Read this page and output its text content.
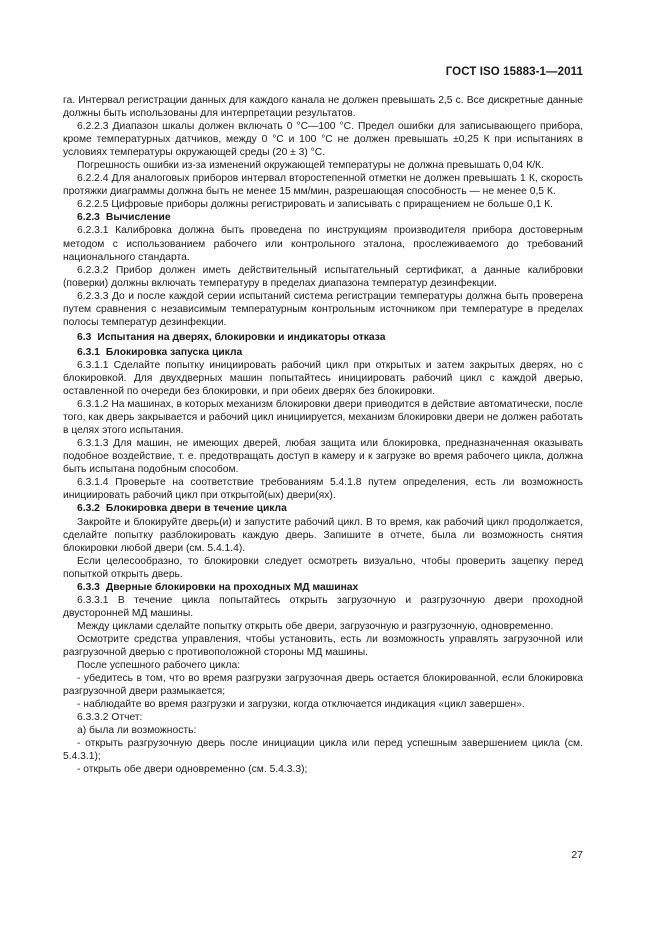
ГОСТ ISO 15883-1—2011

га. Интервал регистрации данных для каждого канала не должен превышать 2,5 с. Все дискретные данные должны быть использованы для интерпретации результатов.

6.2.2.3 Диапазон шкалы должен включать 0 °С—100 °С. Предел ошибки для записывающего прибора, кроме температурных датчиков, между 0 °С и 100 °С не должен превышать ±0,25 К при испытаниях в условиях температуры окружающей среды (20 ± 3) °С.

Погрешность ошибки из-за изменений окружающей температуры не должна превышать 0,04 К/К.

6.2.2.4 Для аналоговых приборов интервал второстепенной отметки не должен превышать 1 К, скорость протяжки диаграммы должна быть не менее 15 мм/мин, разрешающая способность — не менее 0,5 К.

6.2.2.5 Цифровые приборы должны регистрировать и записывать с приращением не больше 0,1 К.

6.2.3 Вычисление

6.2.3.1 Калибровка должна быть проведена по инструкциям производителя прибора достоверным методом с использованием рабочего или контрольного эталона, прослеживаемого до требований национального стандарта.

6.2.3.2 Прибор должен иметь действительный испытательный сертификат, а данные калибровки (поверки) должны включать температуру в пределах диапазона температур дезинфекции.

6.2.3.3 До и после каждой серии испытаний система регистрации температуры должна быть проверена путем сравнения с независимым температурным контрольным источником при температуре в пределах полосы температур дезинфекции.

6.3 Испытания на дверях, блокировки и индикаторы отказа

6.3.1 Блокировка запуска цикла

6.3.1.1 Сделайте попытку инициировать рабочий цикл при открытых и затем закрытых дверях, но с блокировкой. Для двухдверных машин попытайтесь инициировать рабочий цикл с каждой дверью, оставленной по очереди без блокировки, и при обеих дверях без блокировки.

6.3.1.2 На машинах, в которых механизм блокировки двери приводится в действие автоматически, после того, как дверь закрывается и рабочий цикл инициируется, механизм блокировки двери не должен работать в целях этого испытания.

6.3.1.3 Для машин, не имеющих дверей, любая защита или блокировка, предназначенная оказывать подобное воздействие, т. е. предотвращать доступ в камеру и к загрузке во время рабочего цикла, должна быть испытана подобным способом.

6.3.1.4 Проверьте на соответствие требованиям 5.4.1.8 путем определения, есть ли возможность инициировать рабочий цикл при открытой(ых) двери(ях).

6.3.2 Блокировка двери в течение цикла

Закройте и блокируйте дверь(и) и запустите рабочий цикл. В то время, как рабочий цикл продолжается, сделайте попытку разблокировать каждую дверь. Запишите в отчете, была ли возможность снятия блокировки любой двери (см. 5.4.1.4).

Если целесообразно, то блокировки следует осмотреть визуально, чтобы проверить зацепку перед попыткой открыть дверь.

6.3.3 Дверные блокировки на проходных МД машинах

6.3.3.1 В течение цикла попытайтесь открыть загрузочную и разгрузочную двери проходной двусторонней МД машины.

Между циклами сделайте попытку открыть обе двери, загрузочную и разгрузочную, одновременно.

Осмотрите средства управления, чтобы установить, есть ли возможность управлять загрузочной или разгрузочной дверью с противоположной стороны МД машины.

После успешного рабочего цикла:

- убедитесь в том, что во время разгрузки загрузочная дверь остается блокированной, если блокировка разгрузочной двери размыкается;

- наблюдайте во время разгрузки и загрузки, когда отключается индикация «цикл завершен».

6.3.3.2 Отчет:

а) была ли возможность:

- открыть разгрузочную дверь после инициации цикла или перед успешным завершением цикла (см. 5.4.3.1);

- открыть обе двери одновременно (см. 5.4.3.3);

27
